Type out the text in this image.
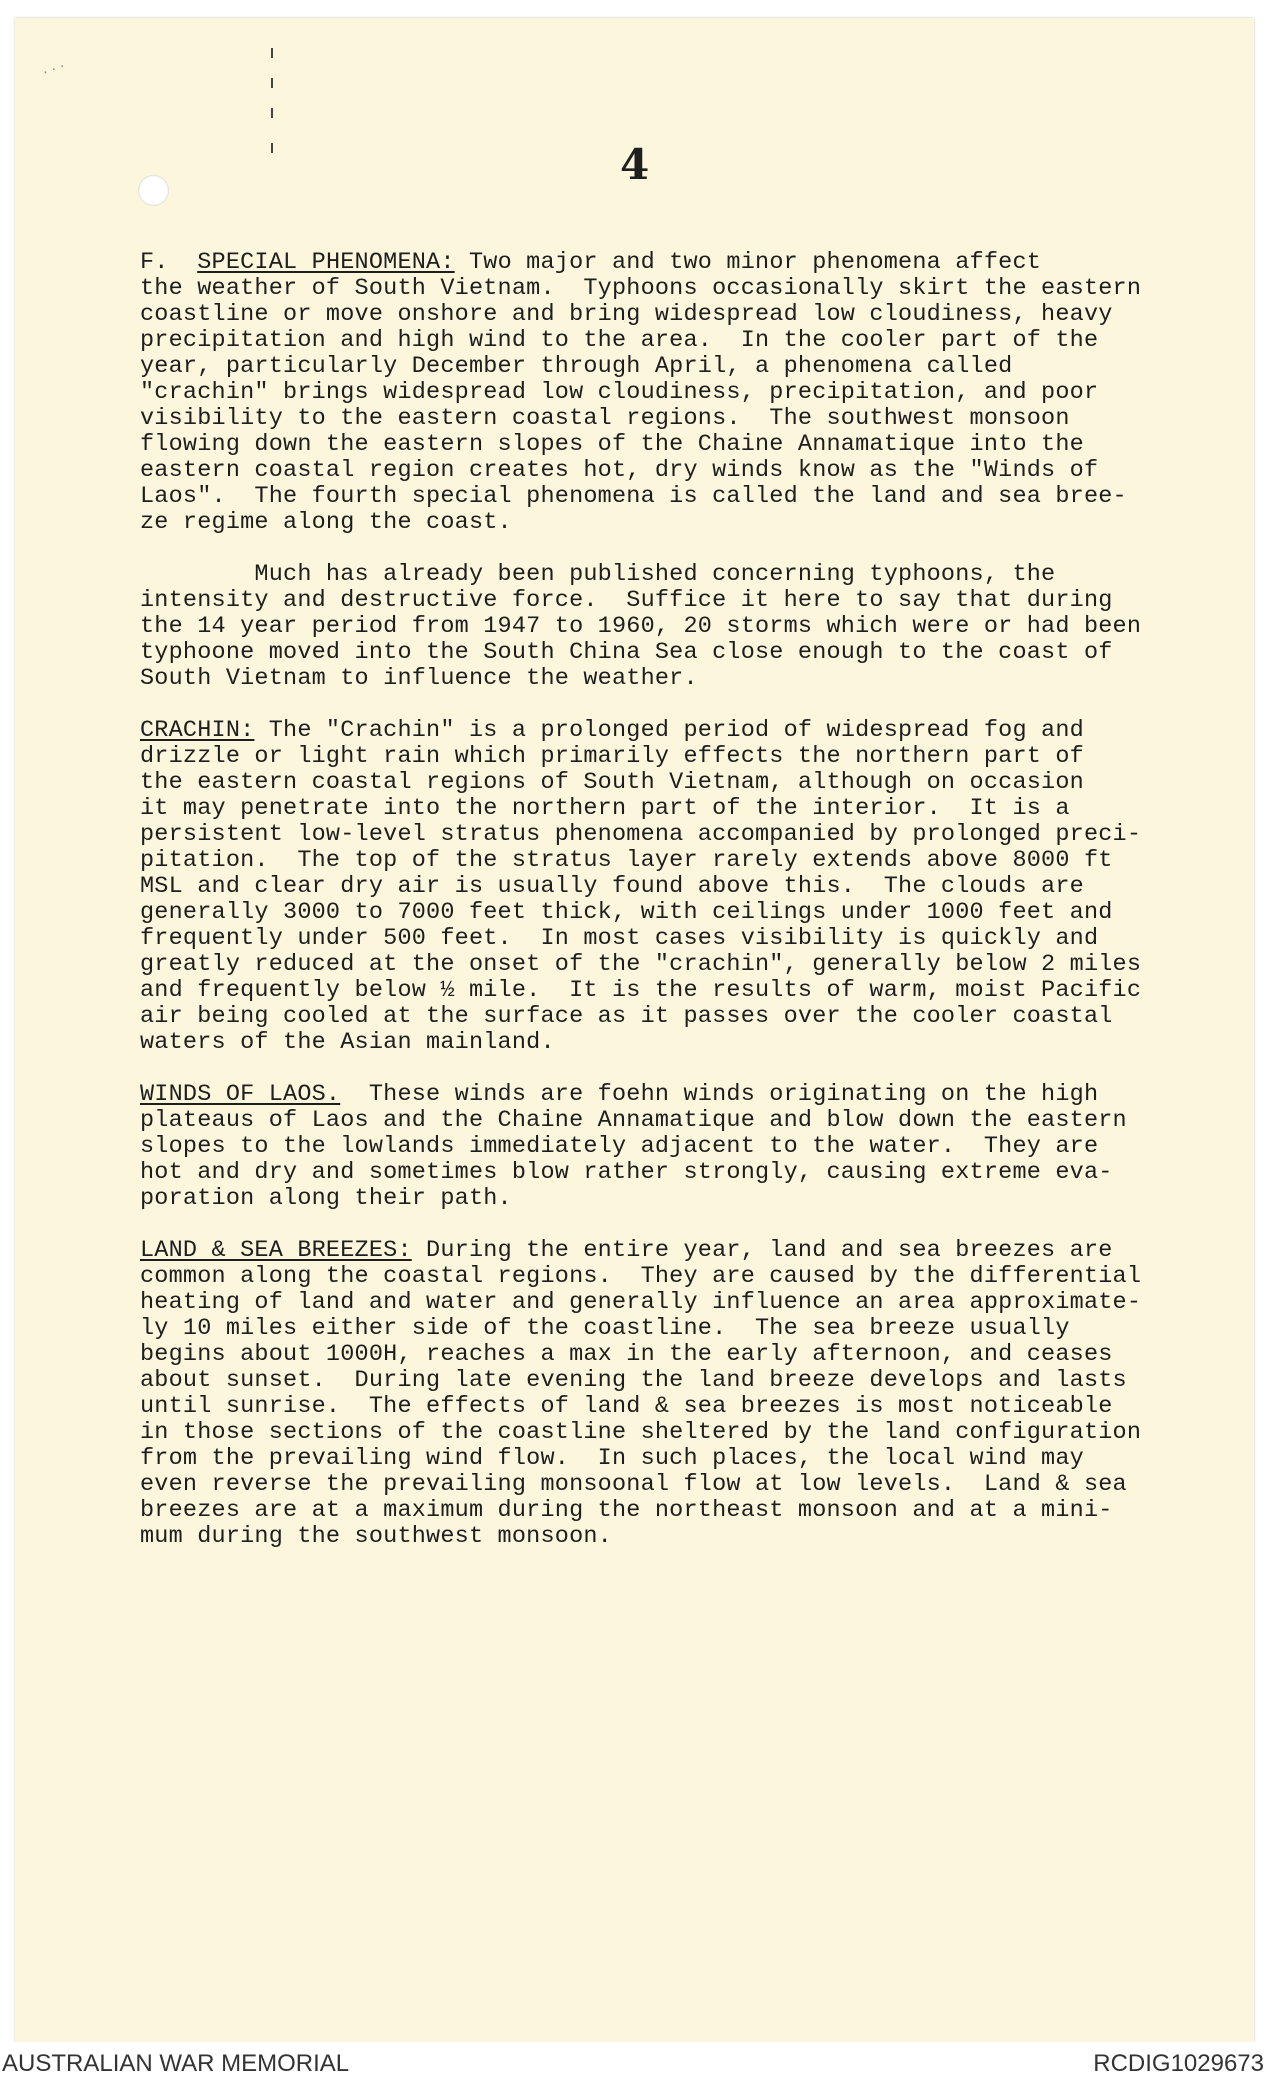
· · ·
4
F.  SPECIAL PHENOMENA: Two major and two minor phenomena affect
the weather of South Vietnam.  Typhoons occasionally skirt the eastern
coastline or move onshore and bring widespread low cloudiness, heavy
precipitation and high wind to the area.  In the cooler part of the
year, particularly December through April, a phenomena called
"crachin" brings widespread low cloudiness, precipitation, and poor
visibility to the eastern coastal regions.  The southwest monsoon
flowing down the eastern slopes of the Chaine Annamatique into the
eastern coastal region creates hot, dry winds know as the "Winds of
Laos".  The fourth special phenomena is called the land and sea bree-
ze regime along the coast.
Much has already been published concerning typhoons, the
intensity and destructive force.  Suffice it here to say that during
the 14 year period from 1947 to 1960, 20 storms which were or had been
typhoone moved into the South China Sea close enough to the coast of
South Vietnam to influence the weather.
CRACHIN: The "Crachin" is a prolonged period of widespread fog and
drizzle or light rain which primarily effects the northern part of
the eastern coastal regions of South Vietnam, although on occasion
it may penetrate into the northern part of the interior.  It is a
persistent low-level stratus phenomena accompanied by prolonged preci-
pitation.  The top of the stratus layer rarely extends above 8000 ft
MSL and clear dry air is usually found above this.  The clouds are
generally 3000 to 7000 feet thick, with ceilings under 1000 feet and
frequently under 500 feet.  In most cases visibility is quickly and
greatly reduced at the onset of the "crachin", generally below 2 miles
and frequently below ½ mile.  It is the results of warm, moist Pacific
air being cooled at the surface as it passes over the cooler coastal
waters of the Asian mainland.
WINDS OF LAOS.  These winds are foehn winds originating on the high
plateaus of Laos and the Chaine Annamatique and blow down the eastern
slopes to the lowlands immediately adjacent to the water.  They are
hot and dry and sometimes blow rather strongly, causing extreme eva-
poration along their path.
LAND & SEA BREEZES: During the entire year, land and sea breezes are
common along the coastal regions.  They are caused by the differential
heating of land and water and generally influence an area approximate-
ly 10 miles either side of the coastline.  The sea breeze usually
begins about 1000H, reaches a max in the early afternoon, and ceases
about sunset.  During late evening the land breeze develops and lasts
until sunrise.  The effects of land & sea breezes is most noticeable
in those sections of the coastline sheltered by the land configuration
from the prevailing wind flow.  In such places, the local wind may
even reverse the prevailing monsoonal flow at low levels.  Land & sea
breezes are at a maximum during the northeast monsoon and at a mini-
mum during the southwest monsoon.
AUSTRALIAN WAR MEMORIAL	RCDIG1029673
